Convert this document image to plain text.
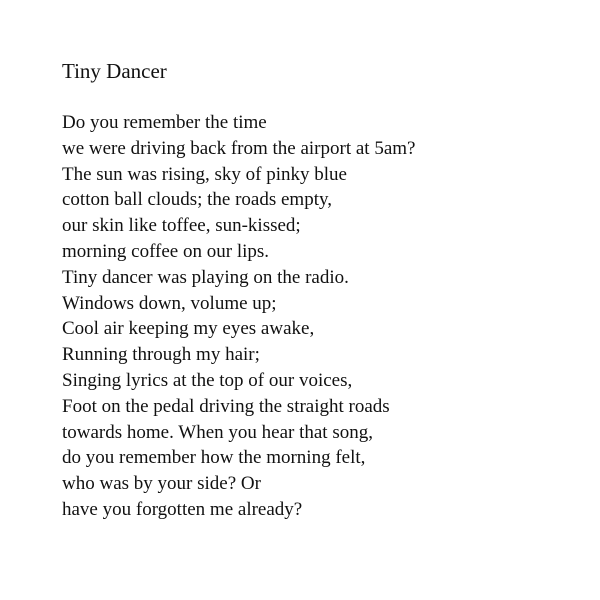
Tiny Dancer
Do you remember the time
we were driving back from the airport at 5am?
The sun was rising, sky of pinky blue
cotton ball clouds; the roads empty,
our skin like toffee, sun-kissed;
morning coffee on our lips.
Tiny dancer was playing on the radio.
Windows down, volume up;
Cool air keeping my eyes awake,
Running through my hair;
Singing lyrics at the top of our voices,
Foot on the pedal driving the straight roads
towards home. When you hear that song,
do you remember how the morning felt,
who was by your side? Or
have you forgotten me already?
